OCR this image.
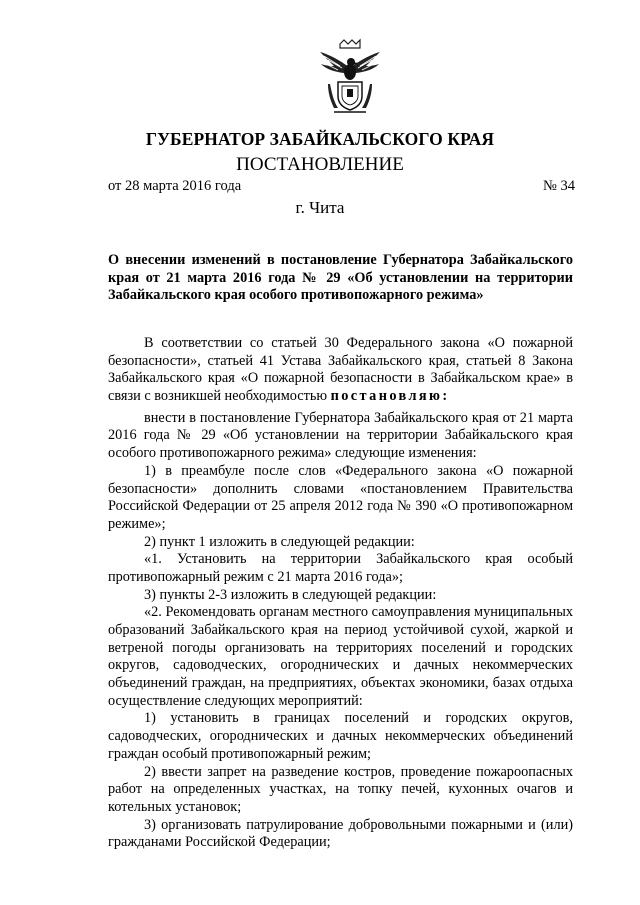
ГУБЕРНАТОР ЗАБАЙКАЛЬСКОГО КРАЯ
ПОСТАНОВЛЕНИЕ
от 28 марта 2016 года	№ 34
г. Чита
О внесении изменений в постановление Губернатора Забайкальского
края от 21 марта 2016 года № 29 «Об установлении на территории
Забайкальского края особого противопожарного режима»
В соответствии со статьей 30 Федерального закона «О пожарной
безопасности», статьей 41 Устава Забайкальского края, статьей 8 Закона
Забайкальского края «О пожарной безопасности в Забайкальском крае» в
связи с возникшей необходимостью постановляю:
внести в постановление Губернатора Забайкальского края от 21 марта
2016 года № 29 «Об установлении на территории Забайкальского края
особого противопожарного режима» следующие изменения:
1) в преамбуле после слов «Федерального закона «О пожарной
безопасности» дополнить словами «постановлением Правительства
Российской Федерации от 25 апреля 2012 года № 390 «О противопожарном
режиме»;
2) пункт 1 изложить в следующей редакции:
«1. Установить на территории Забайкальского края особый
противопожарный режим с 21 марта 2016 года»;
3) пункты 2-3 изложить в следующей редакции:
«2. Рекомендовать органам местного самоуправления муниципальных
образований Забайкальского края на период устойчивой сухой, жаркой и
ветреной погоды организовать на территориях поселений и городских
округов, садоводческих, огороднических и дачных некоммерческих
объединений граждан, на предприятиях, объектах экономики, базах отдыха
осуществление следующих мероприятий:
1) установить в границах поселений и городских округов,
садоводческих, огороднических и дачных некоммерческих объединений
граждан особый противопожарный режим;
2) ввести запрет на разведение костров, проведение пожароопасных
работ на определенных участках, на топку печей, кухонных очагов и
котельных установок;
3) организовать патрулирование добровольными пожарными и (или)
гражданами Российской Федерации;
